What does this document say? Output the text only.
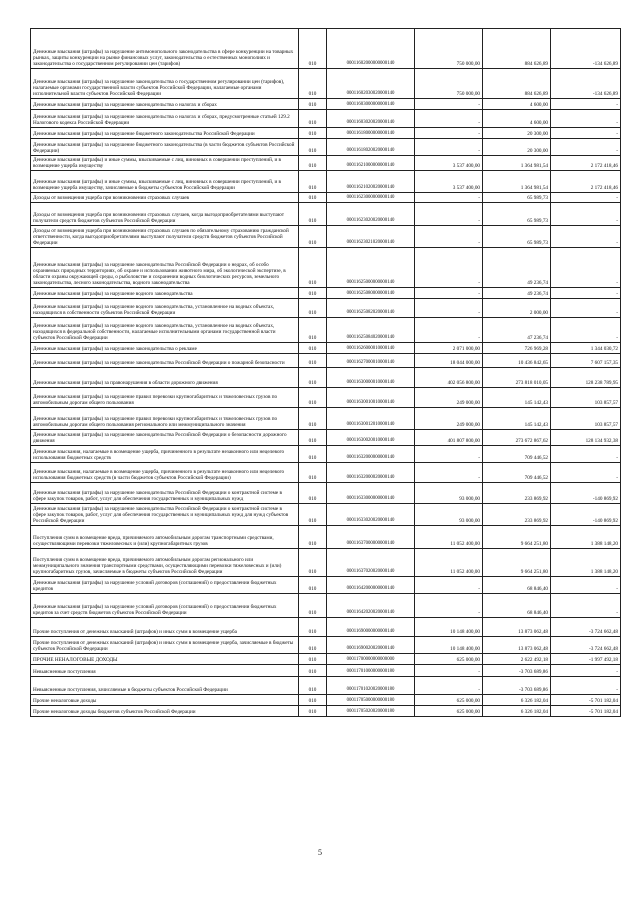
Денежные взыскания (штрафы) за нарушение антимонопольного законодательства в сфере конкуренции на товарных рынках, защиты конкуренции на рынке финансовых услуг, законодательства о естественных монополиях и законодательства о государственном регулировании цен (тарифов)	010	00011602000000000140	750 000,00	884 626,89	-134 626,89
Денежные взыскания (штрафы) за нарушение законодательства о государственном регулировании цен (тарифов), налагаемые органами государственной власти субъектов Российской Федерации, налагаемые органами исполнительной власти субъектов Российской Федерации	010	00011602030020000140	750 000,00	884 626,89	-134 626,89
Денежные взыскания (штрафы) за нарушение законодательства о налогах и сборах	010	00011603000000000140	-	4 600,00	-
Денежные взыскания (штрафы) за нарушение законодательства о налогах и сборах, предусмотренные статьей 129.2 Налогового кодекса Российской Федерации	010	00011603020020000140	-	4 600,00	-
Денежные взыскания (штрафы) за нарушение бюджетного законодательства Российской Федерации	010	00011618000000000140	-	20 300,00	-
Денежные взыскания (штрафы) за нарушение бюджетного законодательства (в части бюджетов субъектов Российской Федерации)	010	00011618020020000140	-	20 300,00	-
Денежные взыскания (штрафы) и иные суммы, взыскиваемые с лиц, виновных в совершении преступлений, и в возмещение ущерба имуществу	010	00011621000000000140	3 537 400,00	1 364 981,54	2 172 418,46
Денежные взыскания (штрафы) и иные суммы, взыскиваемые с лиц, виновных в совершении преступлений, и в возмещение ущерба имуществу, зачисляемые в бюджеты субъектов Российской Федерации	010	00011621020020000140	3 537 400,00	1 364 981,54	2 172 418,46
Доходы от возмещения ущерба при возникновении страховых случаев	010	00011623000000000140	-	65 989,73	-
Доходы от возмещения ущерба при возникновении страховых случаев, когда выгодоприобретателями выступают получатели средств бюджетов субъектов Российской Федерации	010	00011623020020000140	-	65 989,73	-
Доходы от возмещения ущерба при возникновении страховых случаев по обязательному страхованию гражданской ответственности, когда выгодоприобретателями выступают получатели средств бюджетов субъектов Российской Федерации	010	00011623021020000140	-	65 989,73	-
Денежные взыскания (штрафы) за нарушение законодательства Российской Федерации о недрах, об особо охраняемых природных территориях, об охране и использовании животного мира, об экологической экспертизе, в области охраны окружающей среды, о рыболовстве и сохранении водных биологических ресурсов, земельного законодательства, лесного законодательства, водного законодательства	010	00011625000000000140	-	49 236,74	-
Денежные взыскания (штрафы) за нарушение водного законодательства	010	00011625080000000140	-	49 236,74	-
Денежные взыскания (штрафы) за нарушение водного законодательства, установленное на водных объектах, находящихся в собственности субъектов Российской Федерации	010	00011625082020000140	-	2 000,00	-
Денежные взыскания (штрафы) за нарушение водного законодательства, установленное на водных объектах, находящихся в федеральной собственности, налагаемые исполнительными органами государственной власти субъектов Российской Федерации	010	00011625084020000140	-	47 236,74	-
Денежные взыскания (штрафы) за нарушение законодательства о рекламе	010	00011626000010000140	2 071 000,00	726 969,28	1 344 030,72
Денежные взыскания (штрафы) за нарушение законодательства Российской Федерации о пожарной безопасности	010	00011627000010000140	18 044 000,00	10 436 842,65	7 607 157,35
Денежные взыскания (штрафы) за правонарушения в области дорожного движения	010	00011630000010000140	402 056 800,00	273 818 010,05	128 238 789,95
Денежные взыскания (штрафы) за нарушение правил перевозки крупногабаритных и тяжеловесных грузов по автомобильным дорогам общего пользования	010	00011630010010000140	249 000,00	145 142,43	103 857,57
Денежные взыскания (штрафы) за нарушение правил перевозки крупногабаритных и тяжеловесных грузов по автомобильным дорогам общего пользования регионального или межмуниципального значения	010	00011630012010000140	249 000,00	145 142,43	103 857,57
Денежные взыскания (штрафы) за нарушение законодательства Российской Федерации о безопасности дорожного движения	010	00011630020010000140	401 807 800,00	273 672 867,62	128 134 932,38
Денежные взыскания, налагаемые в возмещение ущерба, причиненного в результате незаконного или нецелевого использования бюджетных средств	010	00011632000000000140	-	709 446,52	-
Денежные взыскания, налагаемые в возмещение ущерба, причиненного в результате незаконного или нецелевого использования бюджетных средств (в части бюджетов субъектов Российской Федерации)	010	00011632000020000140	-	709 446,52	-
Денежные взыскания (штрафы) за нарушение законодательства Российской Федерации о контрактной системе в сфере закупок товаров, работ, услуг для обеспечения государственных и муниципальных нужд	010	00011633000000000140	93 000,00	233 869,92	-140 869,92
Денежные взыскания (штрафы) за нарушение законодательства Российской Федерации о контрактной системе в сфере закупок товаров, работ, услуг для обеспечения государственных и муниципальных нужд для нужд субъектов Российской Федерации	010	00011633020020000140	93 000,00	233 869,92	-140 869,92
Поступления сумм в возмещение вреда, причиняемого автомобильным дорогам транспортными средствами, осуществляющими перевозки тяжеловесных и (или) крупногабаритных грузов	010	00011637000000000140	11 052 400,00	9 664 251,80	1 388 148,20
Поступления сумм в возмещение вреда, причиняемого автомобильным дорогам регионального или межмуниципального значения транспортными средствами, осуществляющими перевозки тяжеловесных и (или) крупногабаритных грузов, зачисляемые в бюджеты субъектов Российской Федерации	010	00011637020020000140	11 052 400,00	9 664 251,80	1 388 148,20
Денежные взыскания (штрафы) за нарушение условий договоров (соглашений) о предоставлении бюджетных кредитов	010	00011642000000000140	-	68 846,40	-
Денежные взыскания (штрафы) за нарушение условий договоров (соглашений) о предоставлении бюджетных кредитов за счет средств бюджетов субъектов Российской Федерации	010	00011642020020000140	-	68 846,40	-
Прочие поступления от денежных взысканий (штрафов) и иных сумм в возмещение ущерба	010	00011690000000000140	10 148 400,00	13 873 062,48	-3 724 662,48
Прочие поступления от денежных взысканий (штрафов) и иных сумм в возмещение ущерба, зачисляемые в бюджеты субъектов Российской Федерации	010	00011690020020000140	10 148 400,00	13 873 062,48	-3 724 662,48
ПРОЧИЕ НЕНАЛОГОВЫЕ ДОХОДЫ	010	00011700000000000000	625 000,00	2 622 492,18	-1 997 492,18
Невыясненные поступления	010	00011701000000000180	-	-3 703 689,86	-
Невыясненные поступления, зачисляемые в бюджеты субъектов Российской Федерации	010	00011701020020000180	-	-3 703 689,86	-
Прочие неналоговые доходы	010	00011705000000000180	625 000,00	6 326 182,04	-5 701 182,04
Прочие неналоговые доходы бюджетов субъектов Российской Федерации	010	00011705020020000180	625 000,00	6 326 182,04	-5 701 182,04
5
